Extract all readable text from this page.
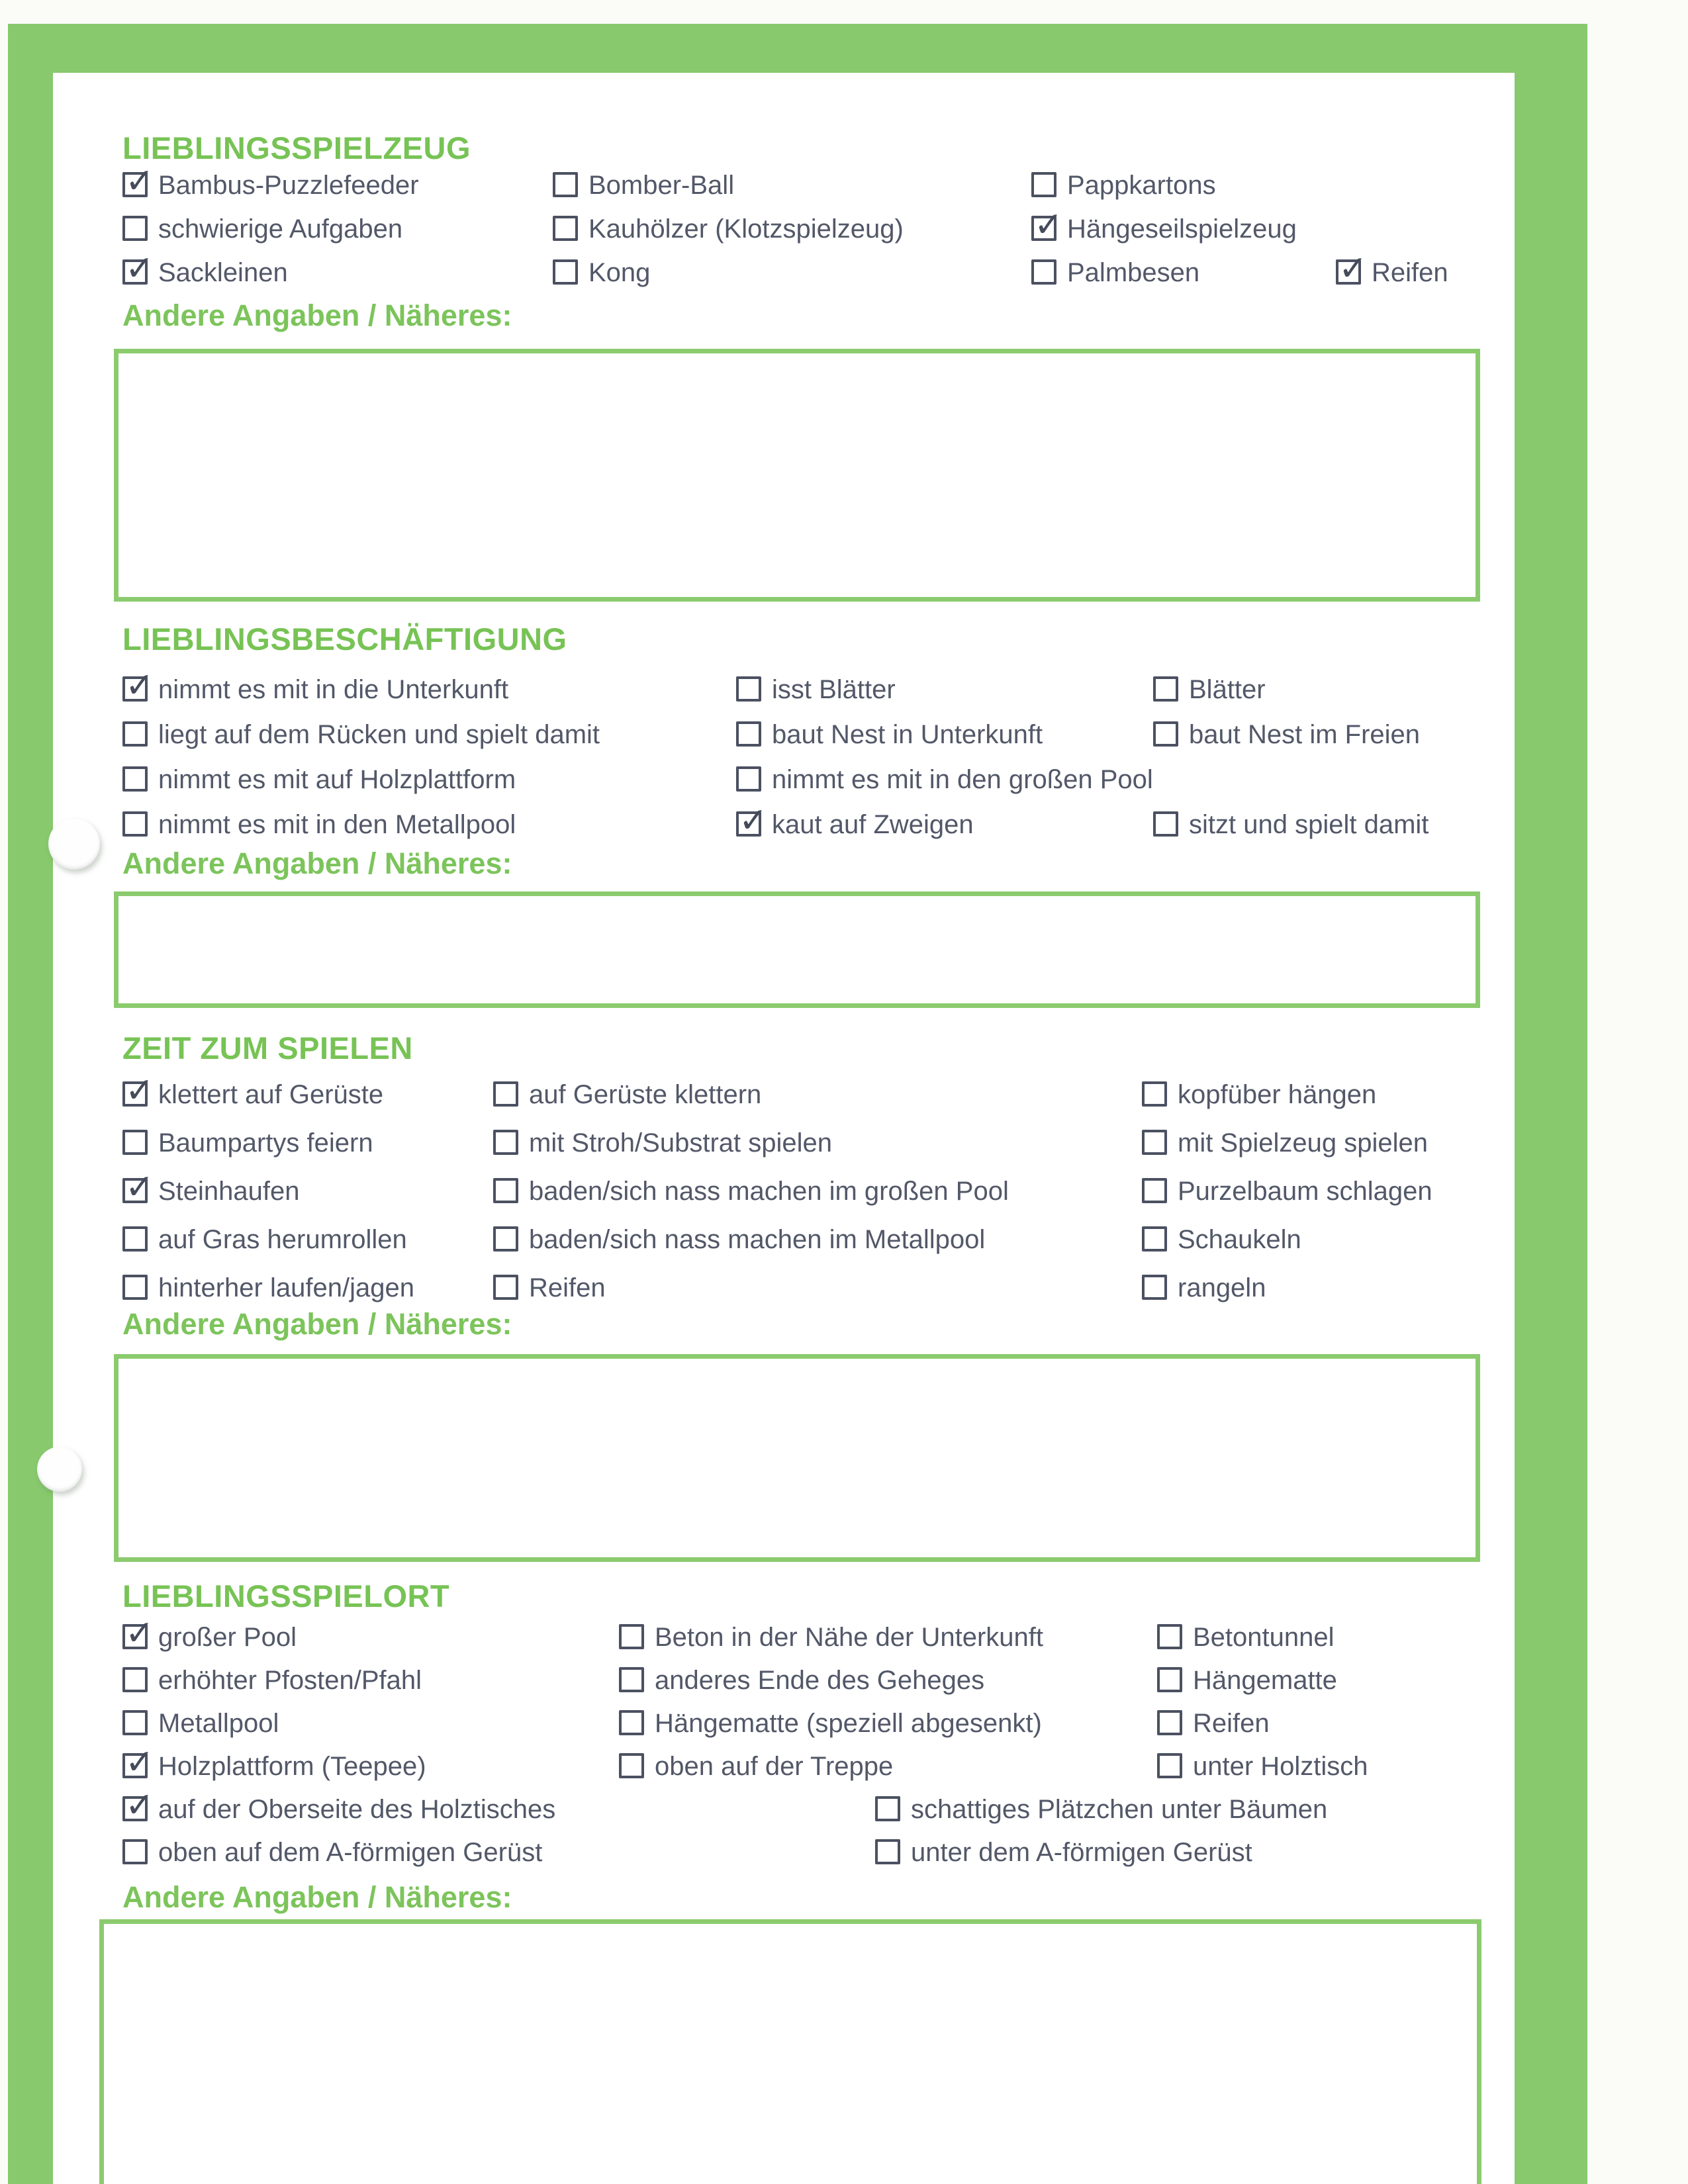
LIEBLINGSSPIELZEUG
✓ Bambus-Puzzlefeeder	Bomber-Ball	Pappkartons
schwierige Aufgaben	Kauhölzer (Klotzspielzeug)	✓ Hängeseilspielzeug
✓ Sackleinen	Kong	Palmbesen	✓ Reifen
Andere Angaben / Näheres:
LIEBLINGSBESCHÄFTIGUNG
✓ nimmt es mit in die Unterkunft	isst Blätter	Blätter
liegt auf dem Rücken und spielt damit	baut Nest in Unterkunft	baut Nest im Freien
nimmt es mit auf Holzplattform	nimmt es mit in den großen Pool
nimmt es mit in den Metallpool	✓ kaut auf Zweigen	sitzt und spielt damit
Andere Angaben / Näheres:
ZEIT ZUM SPIELEN
✓ klettert auf Gerüste	auf Gerüste klettern	kopfüber hängen
Baumpartys feiern	mit Stroh/Substrat spielen	mit Spielzeug spielen
✓ Steinhaufen	baden/sich nass machen im großen Pool	Purzelbaum schlagen
auf Gras herumrollen	baden/sich nass machen im Metallpool	Schaukeln
hinterher laufen/jagen	Reifen	rangeln
Andere Angaben / Näheres:
LIEBLINGSSPIELORT
✓ großer Pool	Beton in der Nähe der Unterkunft	Betontunnel
erhöhter Pfosten/Pfahl	anderes Ende des Geheges	Hängematte
Metallpool	Hängematte (speziell abgesenkt)	Reifen
✓ Holzplattform (Teepee)	oben auf der Treppe	unter Holztisch
✓ auf der Oberseite des Holztisches	schattiges Plätzchen unter Bäumen
oben auf dem A-förmigen Gerüst	unter dem A-förmigen Gerüst
Andere Angaben / Näheres:
